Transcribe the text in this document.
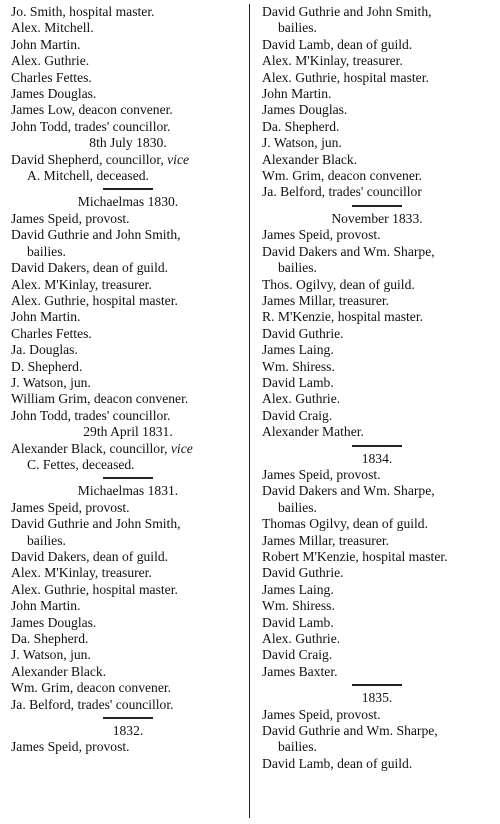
Jo. Smith, hospital master.
Alex. Mitchell.
John Martin.
Alex. Guthrie.
Charles Fettes.
James Douglas.
James Low, deacon convener.
John Todd, trades' councillor.
8th July 1830.
David Shepherd, councillor, vice
A. Mitchell, deceased.
Michaelmas 1830.
James Speid, provost.
David Guthrie and John Smith,
bailies.
David Dakers, dean of guild.
Alex. M'Kinlay, treasurer.
Alex. Guthrie, hospital master.
John Martin.
Charles Fettes.
Ja. Douglas.
D. Shepherd.
J. Watson, jun.
William Grim, deacon convener.
John Todd, trades' councillor.
29th April 1831.
Alexander Black, councillor, vice
C. Fettes, deceased.
Michaelmas 1831.
James Speid, provost.
David Guthrie and John Smith,
bailies.
David Dakers, dean of guild.
Alex. M'Kinlay, treasurer.
Alex. Guthrie, hospital master.
John Martin.
James Douglas.
Da. Shepherd.
J. Watson, jun.
Alexander Black.
Wm. Grim, deacon convener.
Ja. Belford, trades' councillor.
1832.
James Speid, provost.
David Guthrie and John Smith,
bailies.
David Lamb, dean of guild.
Alex. M'Kinlay, treasurer.
Alex. Guthrie, hospital master.
John Martin.
James Douglas.
Da. Shepherd.
J. Watson, jun.
Alexander Black.
Wm. Grim, deacon convener.
Ja. Belford, trades' councillor
November 1833.
James Speid, provost.
David Dakers and Wm. Sharpe,
bailies.
Thos. Ogilvy, dean of guild.
James Millar, treasurer.
R. M'Kenzie, hospital master.
David Guthrie.
James Laing.
Wm. Shiress.
David Lamb.
Alex. Guthrie.
David Craig.
Alexander Mather.
1834.
James Speid, provost.
David Dakers and Wm. Sharpe,
bailies.
Thomas Ogilvy, dean of guild.
James Millar, treasurer.
Robert M'Kenzie, hospital master.
David Guthrie.
James Laing.
Wm. Shiress.
David Lamb.
Alex. Guthrie.
David Craig.
James Baxter.
1835.
James Speid, provost.
David Guthrie and Wm. Sharpe,
bailies.
David Lamb, dean of guild.
